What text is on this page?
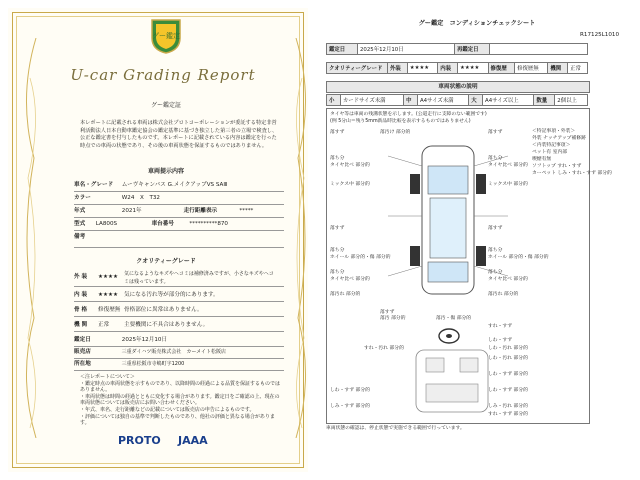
グー鑑定
U-car Grading Report
グー鑑定証
本レポートに記載される車両は株式会社プロトコーポレーションが委託する特定非営利活動法人日本自動車鑑定協会の鑑定基準に基づき独立した第三者の立場で検査し、公正な鑑定書を付与したものです。本レポートに記載されている内容は鑑定を行った時点での車両の状態であり、その後の車両状態を保証するものではありません。
車両提示内容
車名・グレード ムーヴキャンバス G.メイクアップVS SAⅢ
カラー	W24　X　T32
年式	2021年	走行距離表示	*****
型式 LA800S	車台番号	**********870
備考
クオリティーグレード
外 装 ★★★★ 気になるようなキズやヘコミは補修済みですが、小さなキズやヘコミは残っています。
内 装 ★★★★ 気になる汚れ等が部分的にあります。
骨 格 修復歴無 骨格部位に異常はありません。
機 関 正常	主要機関に不具合はありません。
鑑定日	2025年12月10日
販売店	三重ダイハツ販売株式会社　カーメイト松阪店
所在地	三重県松阪市寺嶋町字1200
＜注レポートについて＞
・鑑定時点の車両状態を示すものであり、以降時間の経過による品質を保証するものではありません。
・車両状態は時間の経過とともに変化する場合があります。鑑定日をご確認の上、現在の車両状態については販売店にお問い合わせください。
・年式、車名、走行距離などの記載については販売店の申告によるものです。
・評価については独自の基準で判断したものであり、他社の評価と異なる場合があります。
PROTO JAAA
グー鑑定　コンディションチェックシート
R17125L1010
鑑定日	2025年12月10日	再鑑定日	
クオリティーグレード	外装	★★★★	内装	★★★★	修復歴	修復歴無	機関	正常
車両状態の説明
小	カードサイズ未満	中	A4サイズ未満	大	A4サイズ以上	数量	2個以上
タイヤ等は車両の残溝状態を示します。(公道走行に支障のない範囲です)
(例 5分山＝残り5mm新品時比較を表示するものではありません)
落すず
落ち分
タイヤ比べ 部分的
ミックス中 部分的
落すず
落ち分
ホイール 部分的・傷 部分的
落ち分
タイヤ比べ 部分的
落汚れ 部分的
落汚け 部分的
落すず
落汚 部分的	落汚・傷 部分的
落すず
落ち分
タイヤ比べ 部分的
ミックス中 部分的
落すず
落ち分
ホイール 部分的・傷 部分的
落ち分
タイヤ比べ 部分的
落汚れ 部分的
＜特記事項・外装＞
外装 ナッチアップ補修跡
＜内装特記事項＞
ペット有 室内部
喫煙有無
ソフトップ すれ・すず
カーペット しみ・すれ・すず 部分的
すれ・汚れ 部分的
すれ・すず
しわ・すず
しわ・汚れ 部分的
しわ・汚れ 部分的
しわ・すず 部分的
しわ・すず 部分的
しみ・汚れ 部分的
すれ・すず 部分的
しわ・すず 部分的
しみ・すず 部分的
車両状態の確認は、停止状態で実施できる範囲で行っています。
